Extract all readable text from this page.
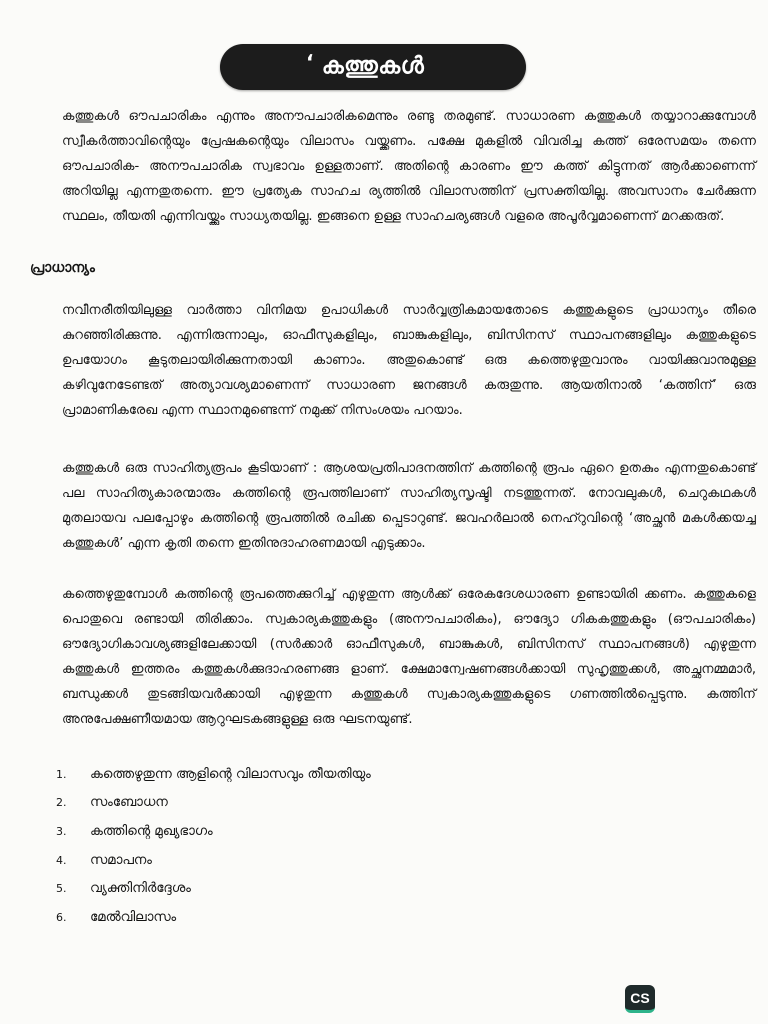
ʻ കത്തുകൾ

കത്തുകൾ ഔപചാരികം എന്നും അനൗപചാരികമെന്നും രണ്ടു തരമുണ്ട്. സാധാരണ കത്തുകൾ തയ്യാറാക്കുമ്പോൾ സ്വീകർത്താവിന്റെയും പ്രേഷകന്റെയും വിലാസം വയ്ക്കണം. പക്ഷേ മുകളിൽ വിവരിച്ച കത്ത് ഒരേസമയം തന്നെ ഔപചാരിക- അനൗപചാരിക സ്വഭാവം ഉള്ളതാണ്. അതിന്റെ കാരണം ഈ കത്ത് കിട്ടുന്നത് ആർക്കാണെന്ന് അറിയില്ല എന്നതുതന്നെ. ഈ പ്രത്യേക സാഹച ര്യത്തിൽ വിലാസത്തിന് പ്രസക്തിയില്ല. അവസാനം ചേർക്കുന്ന സ്ഥലം, തീയതി എന്നിവയ്ക്കും സാധ്യതയില്ല. ഇങ്ങനെ ഉള്ള സാഹചര്യങ്ങൾ വളരെ അപൂർവ്വമാണെന്ന് മറക്കരുത്.

പ്രാധാന്യം

നവീനരീതിയിലുള്ള വാർത്താ വിനിമയ ഉപാധികൾ സാർവ്വത്രികമായതോടെ കത്തുകളുടെ പ്രാധാന്യം തീരെ കുറഞ്ഞിരിക്കുന്നു. എന്നിരുന്നാലും, ഓഫീസുകളിലും, ബാങ്കുകളിലും, ബിസിനസ് സ്ഥാപനങ്ങളിലും കത്തുകളുടെ ഉപയോഗം കൂടുതലായിരിക്കുന്നതായി കാണാം. അതുകൊണ്ട് ഒരു കത്തെഴുതുവാനും വായിക്കുവാനുമുള്ള കഴിവുനേടേണ്ടത് അത്യാവശ്യമാണെന്ന് സാധാരണ ജനങ്ങൾ കരുതുന്നു. ആയതിനാൽ ‘കത്തിന്’ ഒരു പ്രാമാണികരേഖ എന്ന സ്ഥാനമുണ്ടെന്ന് നമുക്ക് നിസംശയം പറയാം.

കത്തുകൾ ഒരു സാഹിത്യരൂപം കൂടിയാണ് : ആശയപ്രതിപാദനത്തിന് കത്തിന്റെ രൂപം ഏറെ ഉതകും എന്നതുകൊണ്ട് പല സാഹിത്യകാരന്മാരും കത്തിന്റെ രൂപത്തിലാണ് സാഹിത്യസൃഷ്ടി നടത്തുന്നത്. നോവലുകൾ, ചെറുകഥകൾ മുതലായവ പലപ്പോഴും കത്തിന്റെ രൂപത്തിൽ രചിക്ക പ്പെടാറുണ്ട്. ജവഹർലാൽ നെഹ്റുവിന്റെ ‘അച്ഛൻ മകൾക്കയച്ച കത്തുകൾ’ എന്ന കൃതി തന്നെ ഇതിനുദാഹരണമായി എടുക്കാം.

കത്തെഴുതുമ്പോൾ കത്തിന്റെ രൂപത്തെക്കുറിച്ച് എഴുതുന്ന ആൾക്ക് ഒരേകദേശധാരണ ഉണ്ടായിരി ക്കണം. കത്തുകളെ പൊതുവെ രണ്ടായി തിരിക്കാം. സ്വകാര്യകത്തുകളും (അനൗപചാരികം), ഔദ്യോ ഗികകത്തുകളും (ഔപചാരികം) ഔദ്യോഗികാവശ്യങ്ങളിലേക്കായി (സർക്കാർ ഓഫീസുകൾ, ബാങ്കുകൾ, ബിസിനസ് സ്ഥാപനങ്ങൾ) എഴുതുന്ന കത്തുകൾ ഇത്തരം കത്തുകൾക്കുദാഹരണങ്ങ ളാണ്. ക്ഷേമാന്വേഷണങ്ങൾക്കായി സുഹൃത്തുക്കൾ, അച്ഛനമ്മമാർ, ബന്ധുക്കൾ തുടങ്ങിയവർക്കായി എഴുതുന്ന കത്തുകൾ സ്വകാര്യകത്തുകളുടെ ഗണത്തിൽപ്പെടുന്നു. കത്തിന് അനുപേക്ഷണീയമായ ആറുഘടകങ്ങളുള്ള ഒരു ഘടനയുണ്ട്.

1.	കത്തെഴുതുന്ന ആളിന്റെ വിലാസവും തീയതിയും
2.	സംബോധന
3.	കത്തിന്റെ മുഖ്യഭാഗം
4.	സമാപനം
5.	വ്യക്തിനിർദ്ദേശം
6.	മേൽവിലാസം
CS
